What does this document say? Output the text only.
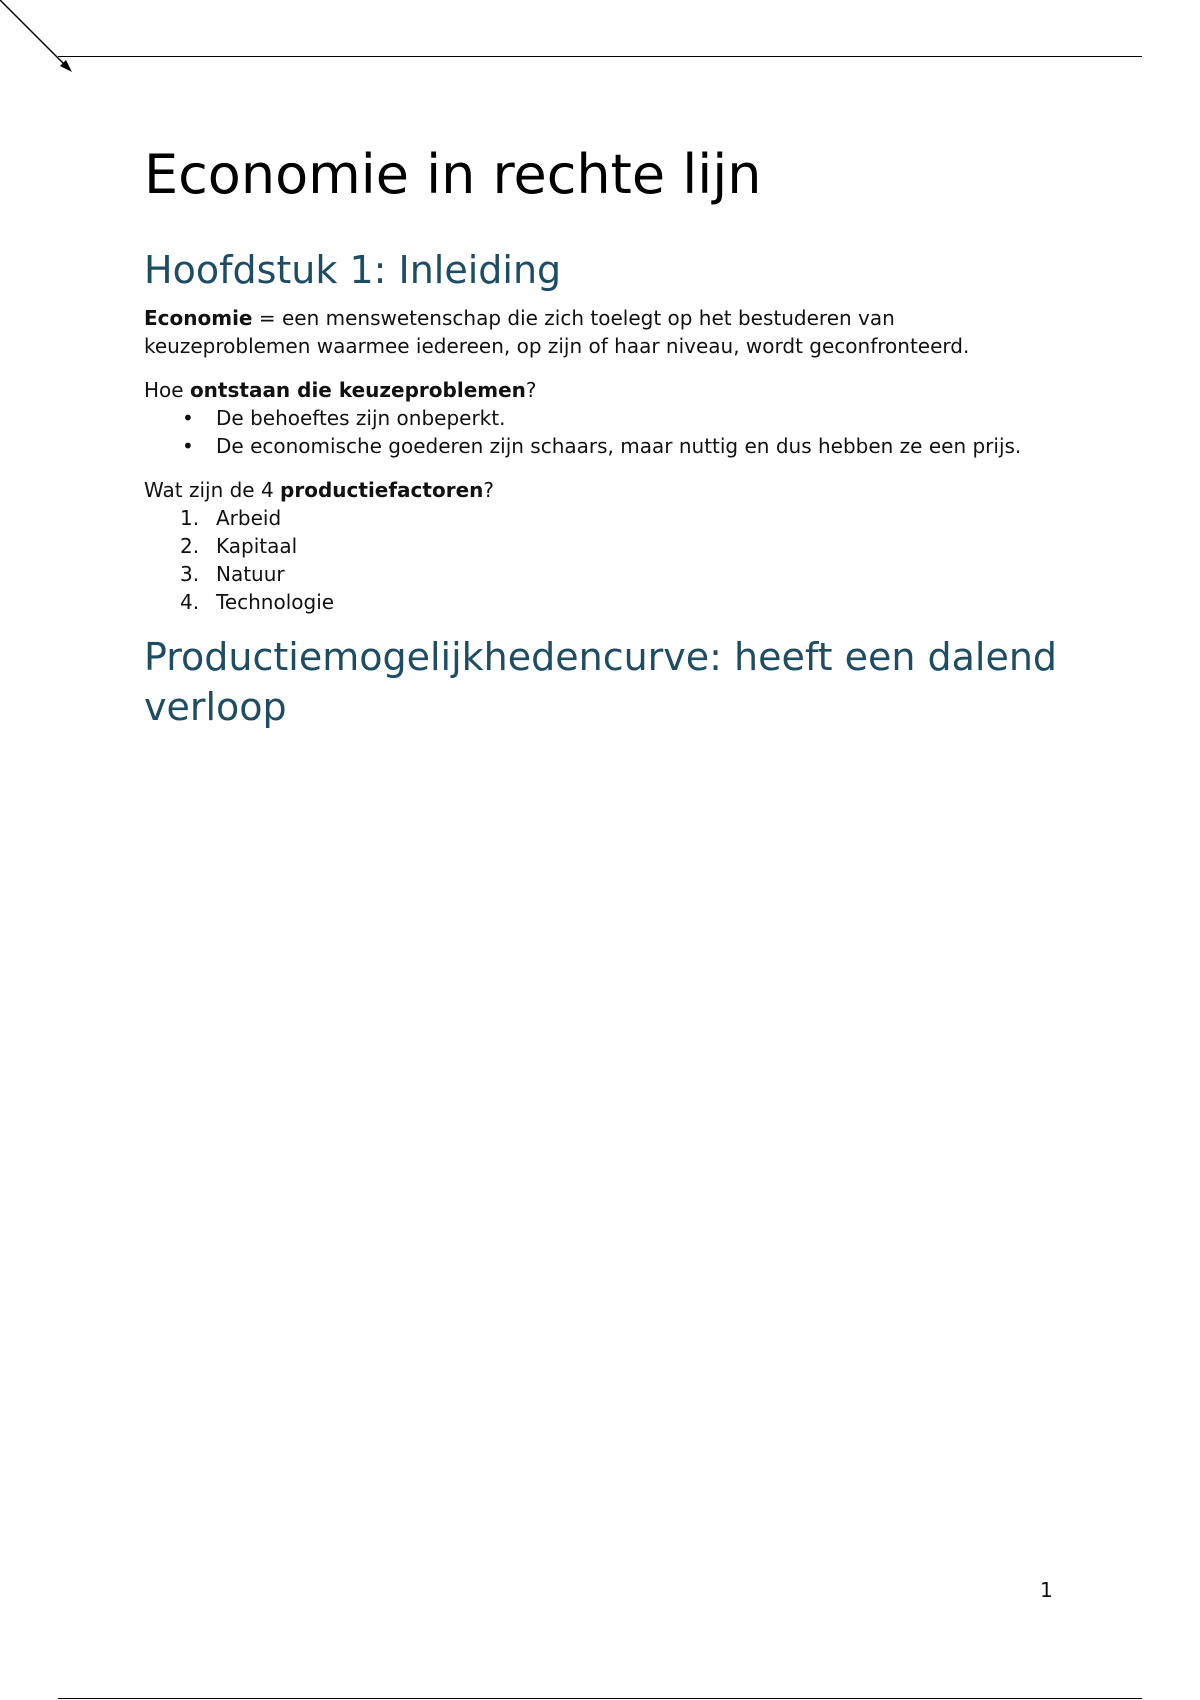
Economie in rechte lijn
Hoofdstuk 1: Inleiding

Economie = een menswetenschap die zich toelegt op het bestuderen van keuzeproblemen waarmee iedereen, op zijn of haar niveau, wordt geconfronteerd.

Hoe ontstaan die keuzeproblemen?

•	De behoeftes zijn onbeperkt.
•	De economische goederen zijn schaars, maar nuttig en dus hebben ze een prijs.

Wat zijn de 4 productiefactoren?

1. Arbeid
2. Kapitaal
3. Natuur
4. Technologie
Productiemogelijkhedencurve: heeft een dalend verloop
1
